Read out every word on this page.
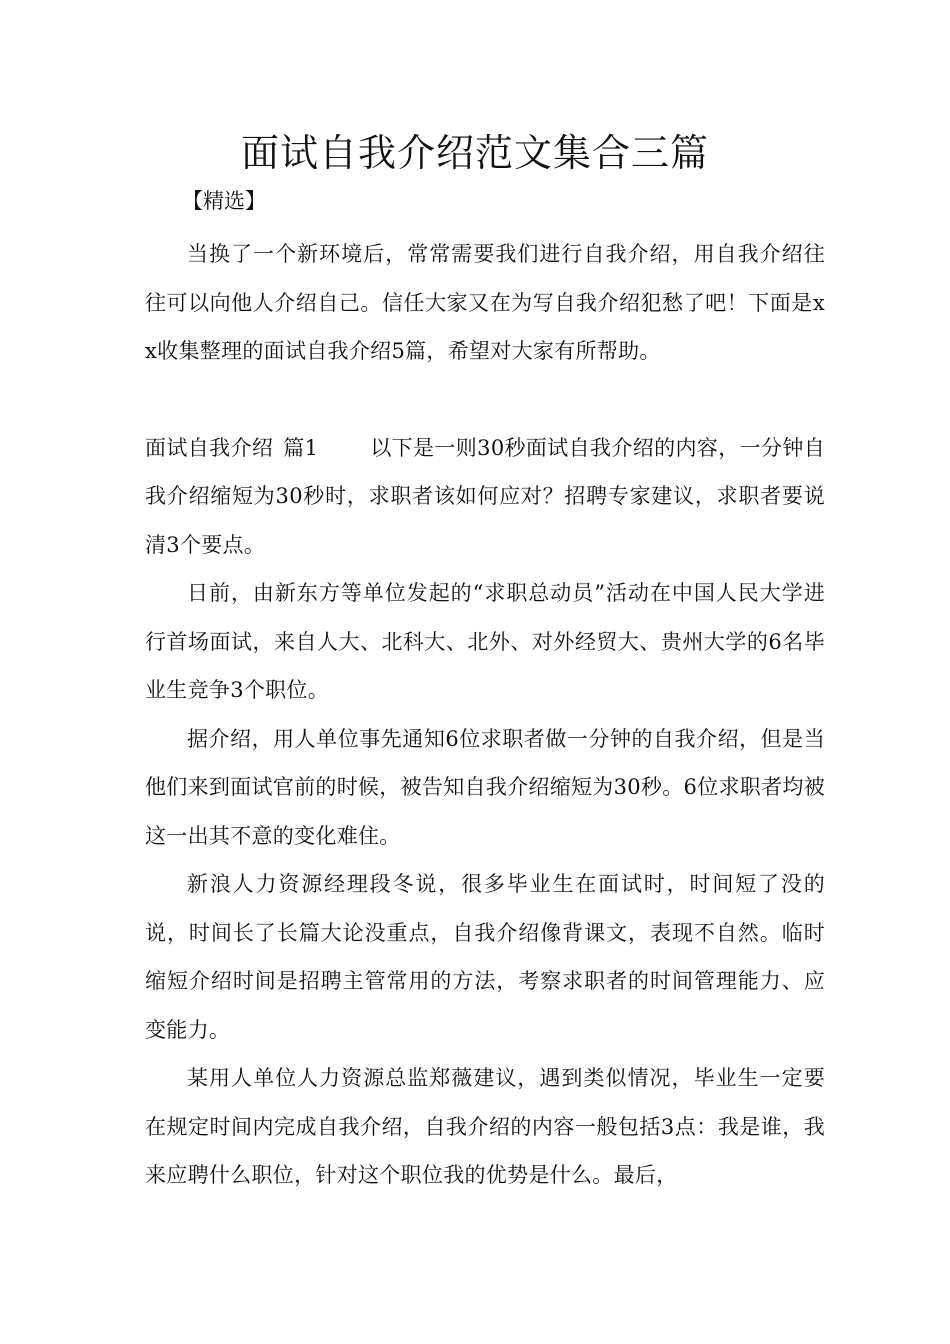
面试自我介绍范文集合三篇

【精选】

当换了一个新环境后，常常需要我们进行自我介绍，用自我介绍往往可以向他人介绍自己。信任大家又在为写自我介绍犯愁了吧！下面是xx收集整理的面试自我介绍5篇，希望对大家有所帮助。

面试自我介绍 篇1 以下是一则30秒面试自我介绍的内容，一分钟自我介绍缩短为30秒时，求职者该如何应对？招聘专家建议，求职者要说清3个要点。

日前，由新东方等单位发起的“求职总动员”活动在中国人民大学进行首场面试，来自人大、北科大、北外、对外经贸大、贵州大学的6名毕业生竞争3个职位。

据介绍，用人单位事先通知6位求职者做一分钟的自我介绍，但是当他们来到面试官前的时候，被告知自我介绍缩短为30秒。6位求职者均被这一出其不意的变化难住。

新浪人力资源经理段冬说，很多毕业生在面试时，时间短了没的说，时间长了长篇大论没重点，自我介绍像背课文，表现不自然。临时缩短介绍时间是招聘主管常用的方法，考察求职者的时间管理能力、应变能力。

某用人单位人力资源总监郑薇建议，遇到类似情况，毕业生一定要在规定时间内完成自我介绍，自我介绍的内容一般包括3点：我是谁，我来应聘什么职位，针对这个职位我的优势是什么。最后，
